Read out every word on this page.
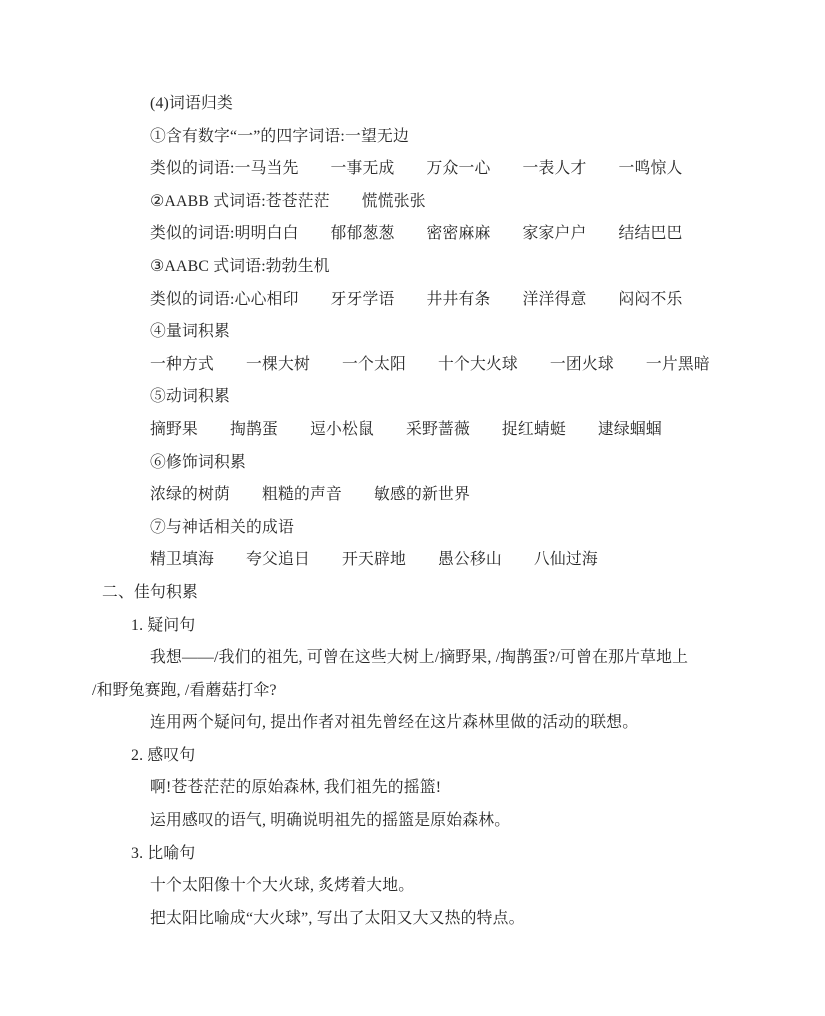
(4)词语归类
①含有数字“一”的四字词语:一望无边
类似的词语:一马当先　　一事无成　　万众一心　　一表人才　　一鸣惊人
②AABB 式词语:苍苍茫茫　　慌慌张张
类似的词语:明明白白　　郁郁葱葱　　密密麻麻　　家家户户　　结结巴巴
③AABC 式词语:勃勃生机
类似的词语:心心相印　　牙牙学语　　井井有条　　洋洋得意　　闷闷不乐
④量词积累
一种方式　　一棵大树　　一个太阳　　十个大火球　　一团火球　　一片黑暗
⑤动词积累
摘野果　　掏鹊蛋　　逗小松鼠　　采野蔷薇　　捉红蜻蜓　　逮绿蝈蝈
⑥修饰词积累
浓绿的树荫　　粗糙的声音　　敏感的新世界
⑦与神话相关的成语
精卫填海　　夸父追日　　开天辟地　　愚公移山　　八仙过海
二、佳句积累
1. 疑问句
我想——/我们的祖先, 可曾在这些大树上/摘野果, /掏鹊蛋?/可曾在那片草地上
/和野兔赛跑, /看蘑菇打伞?
连用两个疑问句, 提出作者对祖先曾经在这片森林里做的活动的联想。
2. 感叹句
啊!苍苍茫茫的原始森林, 我们祖先的摇篮!
运用感叹的语气, 明确说明祖先的摇篮是原始森林。
3. 比喻句
十个太阳像十个大火球, 炙烤着大地。
把太阳比喻成“大火球”, 写出了太阳又大又热的特点。
